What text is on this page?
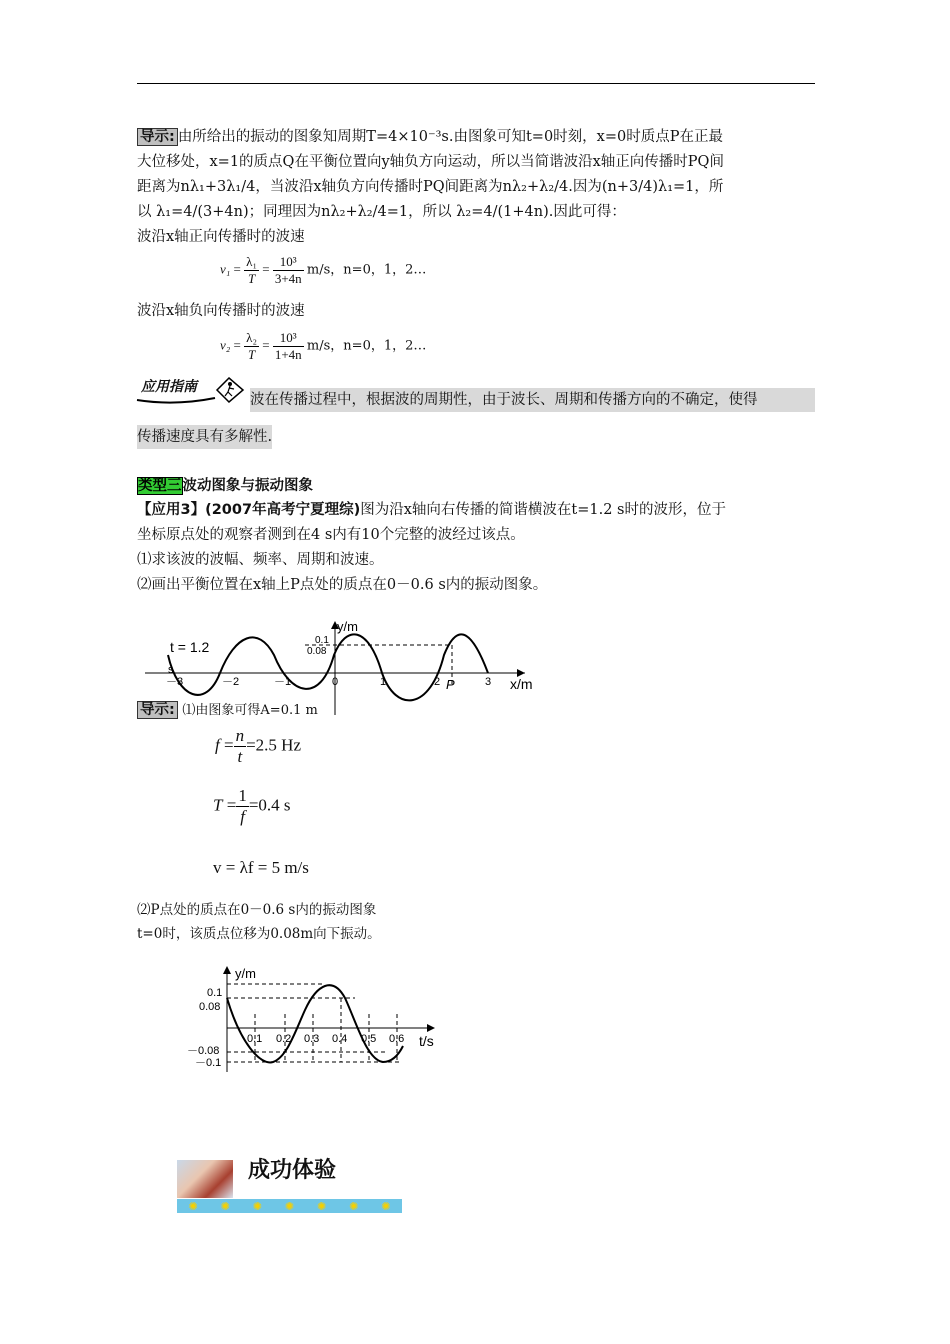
导示: 由所给出的振动的图象知周期T=4×10⁻³s.由图象可知t=0时刻，x=0时质点P在正最
大位移处，x=1的质点Q在平衡位置向y轴负方向运动，所以当简谐波沿x轴正向传播时PQ间
距离为nλ₁+3λ₁/4，当波沿x轴负方向传播时PQ间距离为nλ₂+λ₂/4.因为(n+3/4)λ₁=1，所
以 λ₁=4/(3+4n)；同理因为nλ₂+λ₂/4=1，所以 λ₂=4/(1+4n).因此可得：
波沿x轴正向传播时的波速
$v_1 = \frac{\text{λ₁}}{T} = \frac{\text{10³}}{3+4n} m/s$，n=0，1，2…
波沿x轴负向传播时的波速
$v_2 = \frac{\text{λ₂}}{T} = \frac{\text{10³}}{1+4n} m/s$，n=0，1，2…
应用指南
波在传播过程中，根据波的周期性，由于波长、周期和传播方向的不确定，使得
传播速度具有多解性.
类型三波动图象与振动图象
【应用3】(2007年高考宁夏理综)图为沿x轴向右传播的简谐横波在t=1.2 s时的波形，位于
坐标原点处的观察者测到在4 s内有10个完整的波经过该点。
⑴求该波的波幅、频率、周期和波速。
⑵画出平衡位置在x轴上P点处的质点在0－0.6 s内的振动图象。
t = 1.2
s
y/m
x/m
0.1
0.08
－3	－2	－1	0	1	2	3
P
导示: ⑴由图象可得A=0.1 m
$f = \frac{n}{t} =2.5$ Hz
$T = \frac{1}{f} =0.4$ s
v = λf = 5 m/s
⑵P点处的质点在0－0.6 s内的振动图象
t=0时，该质点位移为0.08m向下振动。
y/m
t/s
0.1
0.08
－0.08
－0.1
0.1 0.2 0.3 0.4 0.5 0.6
成功体验
✺ ✺ ✺ ✺ ✺ ✺ ✺
